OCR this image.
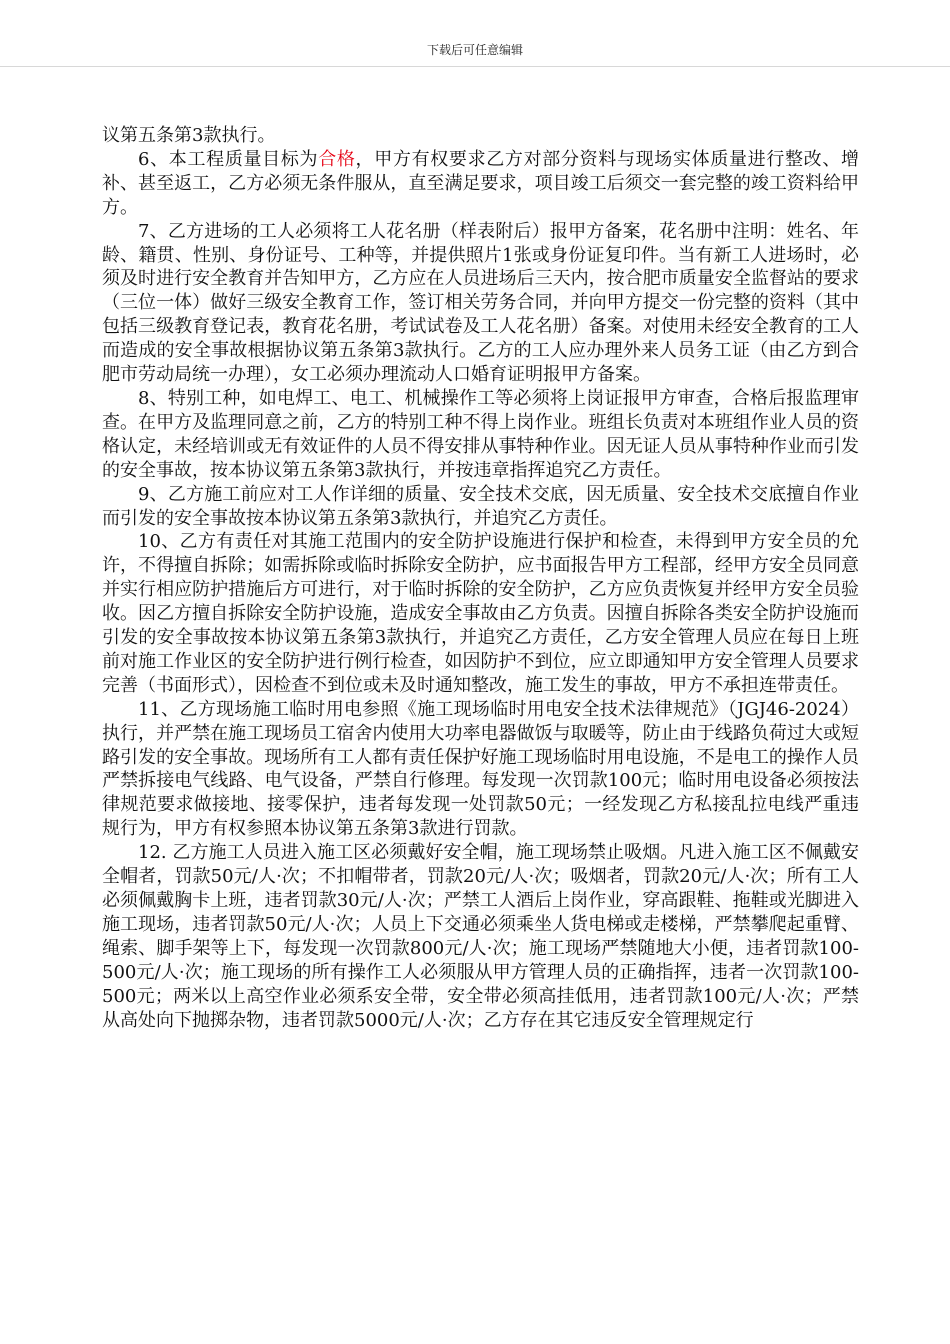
下载后可任意编辑

议第五条第3款执行。

6、本工程质量目标为合格，甲方有权要求乙方对部分资料与现场实体质量进行整改、增补、甚至返工，乙方必须无条件服从，直至满足要求，项目竣工后须交一套完整的竣工资料给甲方。

7、乙方进场的工人必须将工人花名册（样表附后）报甲方备案，花名册中注明：姓名、年龄、籍贯、性别、身份证号、工种等，并提供照片1张或身份证复印件。当有新工人进场时，必须及时进行安全教育并告知甲方，乙方应在人员进场后三天内，按合肥市质量安全监督站的要求（三位一体）做好三级安全教育工作，签订相关劳务合同，并向甲方提交一份完整的资料（其中包括三级教育登记表，教育花名册，考试试卷及工人花名册）备案。对使用未经安全教育的工人而造成的安全事故根据协议第五条第3款执行。乙方的工人应办理外来人员务工证（由乙方到合肥市劳动局统一办理），女工必须办理流动人口婚育证明报甲方备案。

8、特别工种，如电焊工、电工、机械操作工等必须将上岗证报甲方审查，合格后报监理审查。在甲方及监理同意之前，乙方的特别工种不得上岗作业。班组长负责对本班组作业人员的资格认定，未经培训或无有效证件的人员不得安排从事特种作业。因无证人员从事特种作业而引发的安全事故，按本协议第五条第3款执行，并按违章指挥追究乙方责任。

9、乙方施工前应对工人作详细的质量、安全技术交底，因无质量、安全技术交底擅自作业而引发的安全事故按本协议第五条第3款执行，并追究乙方责任。

10、乙方有责任对其施工范围内的安全防护设施进行保护和检查，未得到甲方安全员的允许，不得擅自拆除；如需拆除或临时拆除安全防护，应书面报告甲方工程部，经甲方安全员同意并实行相应防护措施后方可进行，对于临时拆除的安全防护，乙方应负责恢复并经甲方安全员验收。因乙方擅自拆除安全防护设施，造成安全事故由乙方负责。因擅自拆除各类安全防护设施而引发的安全事故按本协议第五条第3款执行，并追究乙方责任，乙方安全管理人员应在每日上班前对施工作业区的安全防护进行例行检查，如因防护不到位，应立即通知甲方安全管理人员要求完善（书面形式），因检查不到位或未及时通知整改，施工发生的事故，甲方不承担连带责任。

11、乙方现场施工临时用电参照《施工现场临时用电安全技术法律规范》（JGJ46-2024）执行，并严禁在施工现场员工宿舍内使用大功率电器做饭与取暖等，防止由于线路负荷过大或短路引发的安全事故。现场所有工人都有责任保护好施工现场临时用电设施，不是电工的操作人员严禁拆接电气线路、电气设备，严禁自行修理。每发现一次罚款100元；临时用电设备必须按法律规范要求做接地、接零保护，违者每发现一处罚款50元；一经发现乙方私接乱拉电线严重违规行为，甲方有权参照本协议第五条第3款进行罚款。

12. 乙方施工人员进入施工区必须戴好安全帽，施工现场禁止吸烟。凡进入施工区不佩戴安全帽者，罚款50元/人·次；不扣帽带者，罚款20元/人·次；吸烟者，罚款20元/人·次；所有工人必须佩戴胸卡上班，违者罚款30元/人·次；严禁工人酒后上岗作业，穿高跟鞋、拖鞋或光脚进入施工现场，违者罚款50元/人·次；人员上下交通必须乘坐人货电梯或走楼梯，严禁攀爬起重臂、绳索、脚手架等上下，每发现一次罚款800元/人·次；施工现场严禁随地大小便，违者罚款100-500元/人·次；施工现场的所有操作工人必须服从甲方管理人员的正确指挥，违者一次罚款100-500元；两米以上高空作业必须系安全带，安全带必须高挂低用，违者罚款100元/人·次；严禁从高处向下抛掷杂物，违者罚款5000元/人·次；乙方存在其它违反安全管理规定行
